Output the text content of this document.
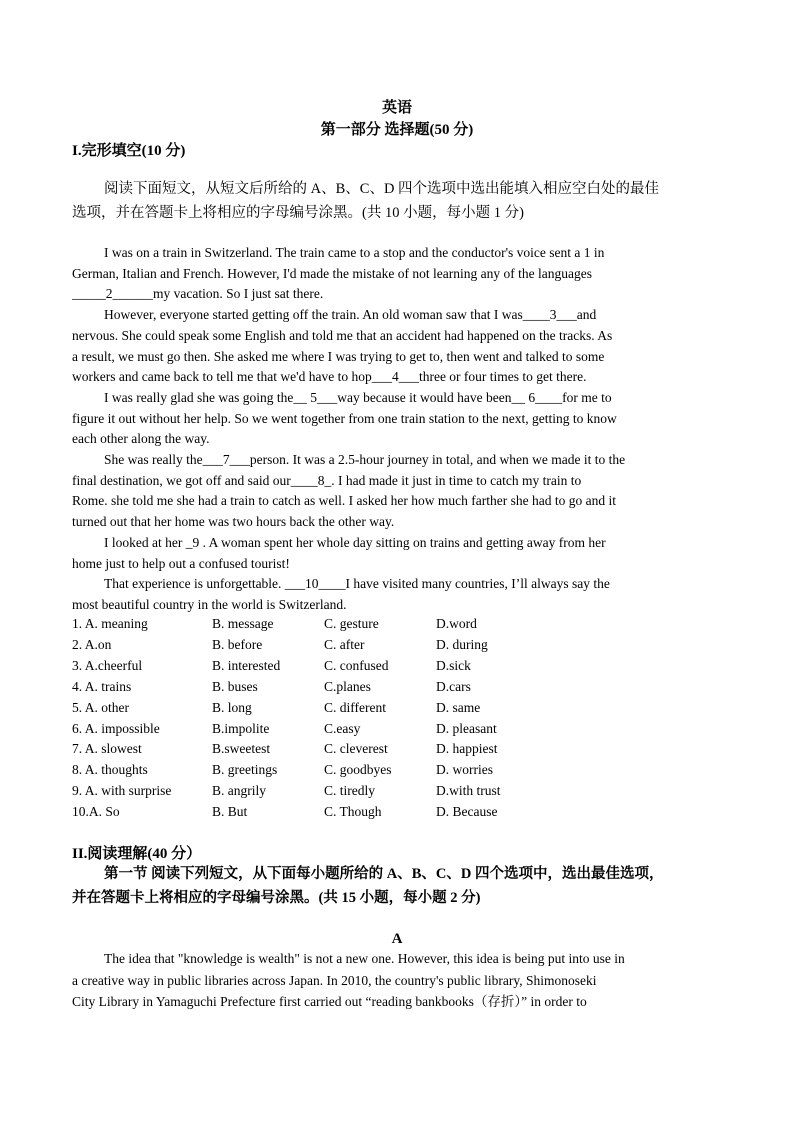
英语
第一部分 选择题(50 分)
I.完形填空(10 分)
阅读下面短文，从短文后所给的 A、B、C、D 四个选项中选出能填入相应空白处的最佳
选项，并在答题卡上将相应的字母编号涂黑。(共 10 小题，每小题 1 分)
I was on a train in Switzerland. The train came to a stop and the conductor's voice sent a 1 in
German, Italian and French. However, I'd made the mistake of not learning any of the languages
_____2______my vacation. So I just sat there.
However, everyone started getting off the train. An old woman saw that I was____3___and
nervous. She could speak some English and told me that an accident had happened on the tracks. As
a result, we must go then. She asked me where I was trying to get to, then went and talked to some
workers and came back to tell me that we'd have to hop___4___three or four times to get there.
I was really glad she was going the__ 5___way because it would have been__ 6____for me to
figure it out without her help. So we went together from one train station to the next, getting to know
each other along the way.
She was really the___7___person. It was a 2.5-hour journey in total, and when we made it to the
final destination, we got off and said our____8_. I had made it just in time to catch my train to
Rome. she told me she had a train to catch as well. I asked her how much farther she had to go and it
turned out that her home was two hours back the other way.
I looked at her _9 . A woman spent her whole day sitting on trains and getting away from her
home just to help out a confused tourist!
That experience is unforgettable. ___10____I have visited many countries, I’ll always say the
most beautiful country in the world is Switzerland.
1. A. meaning	B. message	C. gesture	D.word
2. A.on	B. before	C. after	D. during
3. A.cheerful	B. interested	C. confused	D.sick
4. A. trains	B. buses	C.planes	D.cars
5. A. other	B. long	C. different	D. same
6. A. impossible	B.impolite	C.easy	D. pleasant
7. A. slowest	B.sweetest	C. cleverest	D. happiest
8. A. thoughts	B. greetings	C. goodbyes	D. worries
9. A. with surprise	B. angrily	C. tiredly	D.with trust
10.A. So	B. But	C. Though	D. Because
II.阅读理解(40 分）
第一节 阅读下列短文，从下面每小题所给的 A、B、C、D 四个选项中，选出最佳选项，
并在答题卡上将相应的字母编号涂黑。(共 15 小题，每小题 2 分)
A
The idea that "knowledge is wealth" is not a new one. However, this idea is being put into use in
a creative way in public libraries across Japan. In 2010, the country's public library, Shimonoseki
City Library in Yamaguchi Prefecture first carried out “reading bankbooks（存折）” in order to
